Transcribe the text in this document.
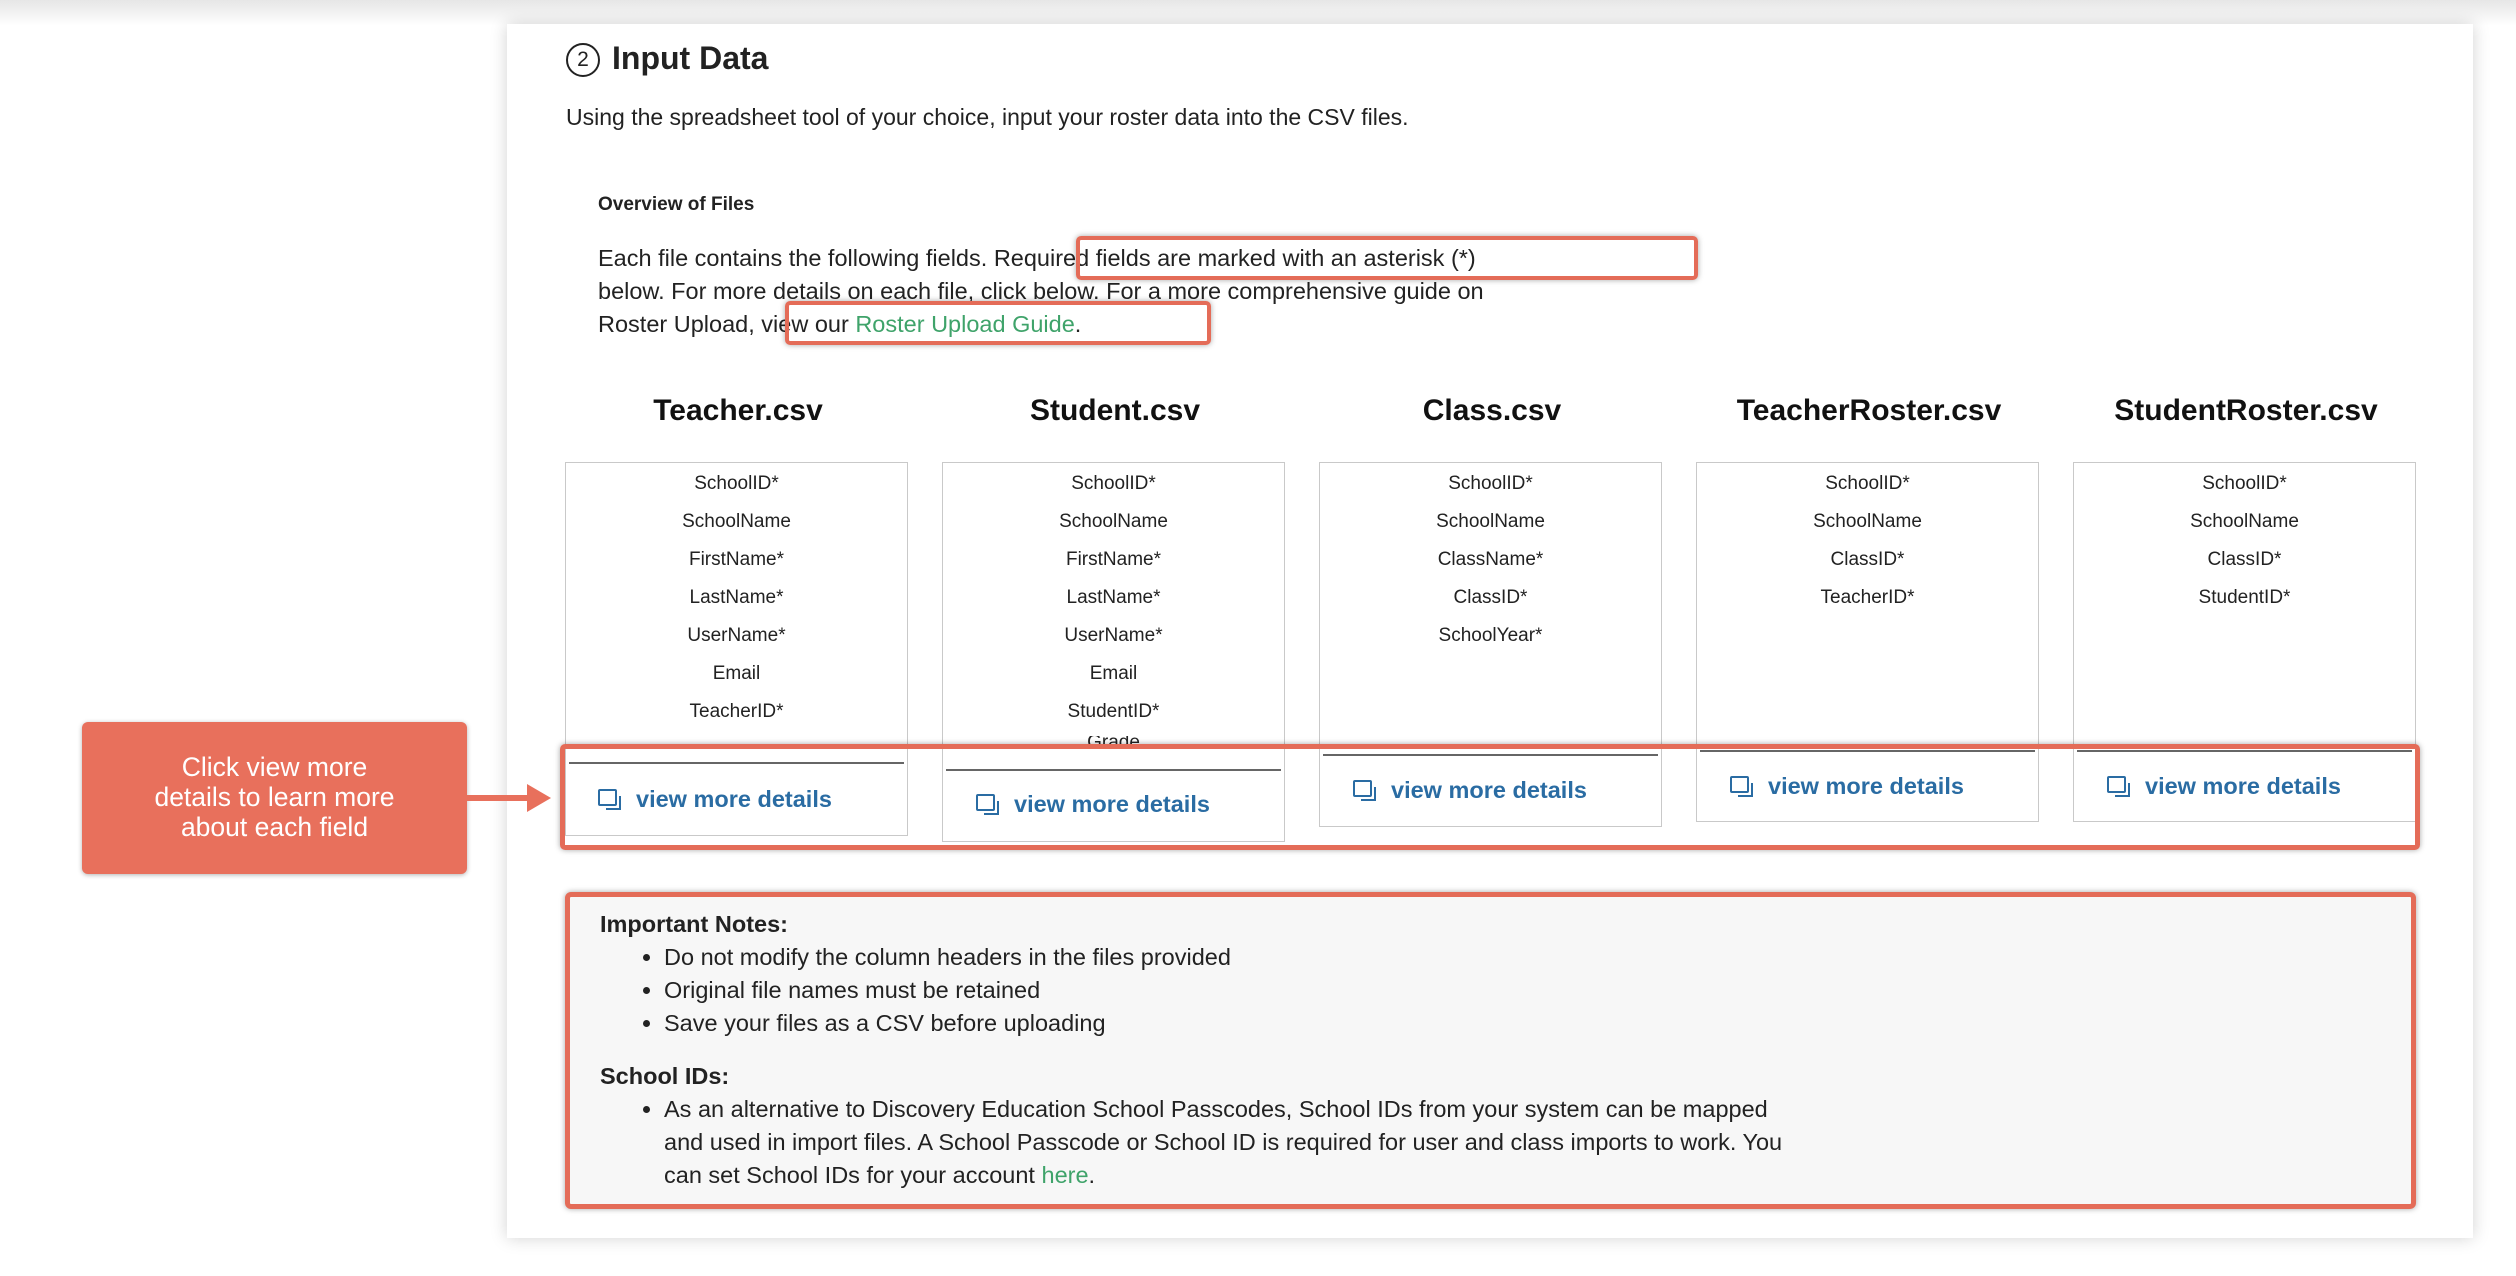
2 Input Data
Using the spreadsheet tool of your choice, input your roster data into the CSV files.
Overview of Files
Each file contains the following fields. Required fields are marked with an asterisk (*)
below. For more details on each file, click below. For a more comprehensive guide on
Roster Upload, view our Roster Upload Guide.
Teacher.csv	Student.csv	Class.csv	TeacherRoster.csv	StudentRoster.csv
SchoolID*
SchoolName
FirstName*
LastName*
UserName*
Email
TeacherID*
SchoolID*
SchoolName
FirstName*
LastName*
UserName*
Email
StudentID*
Grade
SchoolID*
SchoolName
ClassName*
ClassID*
SchoolYear*
SchoolID*
SchoolName
ClassID*
TeacherID*
SchoolID*
SchoolName
ClassID*
StudentID*
view more details	view more details
view more details	view more details	view more details
Click view more
details to learn more
about each field
Important Notes:
• Do not modify the column headers in the files provided
• Original file names must be retained
• Save your files as a CSV before uploading
School IDs:
• As an alternative to Discovery Education School Passcodes, School IDs from your system can be mapped
and used in import files. A School Passcode or School ID is required for user and class imports to work. You
can set School IDs for your account here.
